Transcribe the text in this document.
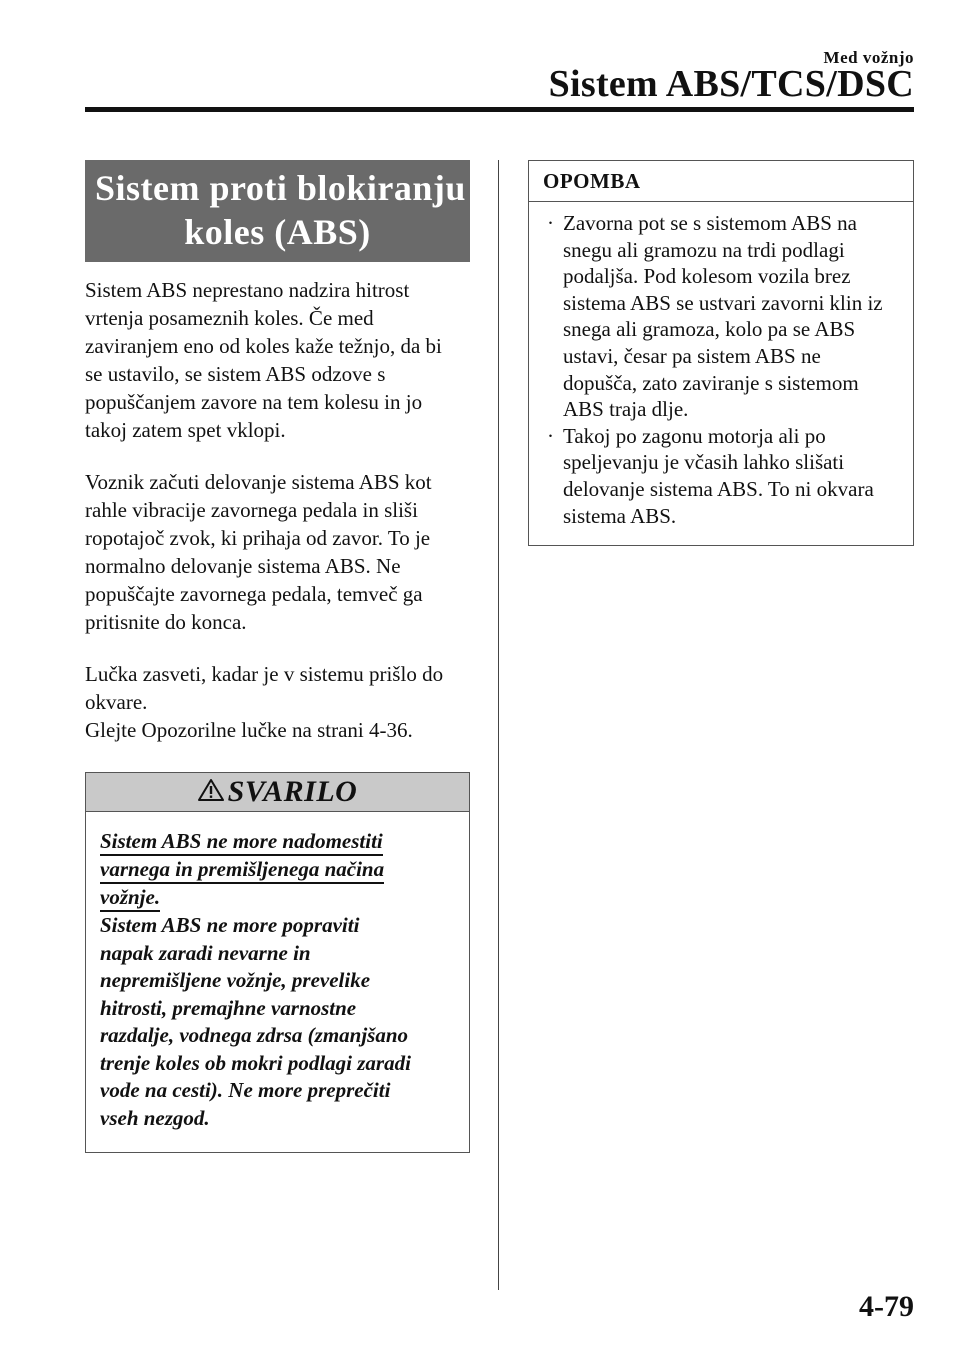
Med vožnjo
Sistem ABS/TCS/DSC
Sistem proti blokiranju
koles (ABS)

Sistem ABS neprestano nadzira hitrost
vrtenja posameznih koles. Če med
zaviranjem eno od koles kaže težnjo, da bi
se ustavilo, se sistem ABS odzove s
popuščanjem zavore na tem kolesu in jo
takoj zatem spet vklopi.

Voznik začuti delovanje sistema ABS kot
rahle vibracije zavornega pedala in sliši
ropotajoč zvok, ki prihaja od zavor. To je
normalno delovanje sistema ABS. Ne
popuščajte zavornega pedala, temveč ga
pritisnite do konca.

Lučka zasveti, kadar je v sistemu prišlo do
okvare.
Glejte Opozorilne lučke na strani 4-36.

SVARILO
Sistem ABS ne more nadomestiti
varnega in premišljenega načina
vožnje.
Sistem ABS ne more popraviti
napak zaradi nevarne in
nepremišljene vožnje, prevelike
hitrosti, premajhne varnostne
razdalje, vodnega zdrsa (zmanjšano
trenje koles ob mokri podlagi zaradi
vode na cesti). Ne more preprečiti
vseh nezgod.
OPOMBA
· Zavorna pot se s sistemom ABS na
snegu ali gramozu na trdi podlagi
podaljša. Pod kolesom vozila brez
sistema ABS se ustvari zavorni klin iz
snega ali gramoza, kolo pa se ABS
ustavi, česar pa sistem ABS ne
dopušča, zato zaviranje s sistemom
ABS traja dlje.
· Takoj po zagonu motorja ali po
speljevanju je včasih lahko slišati
delovanje sistema ABS. To ni okvara
sistema ABS.
4-79
